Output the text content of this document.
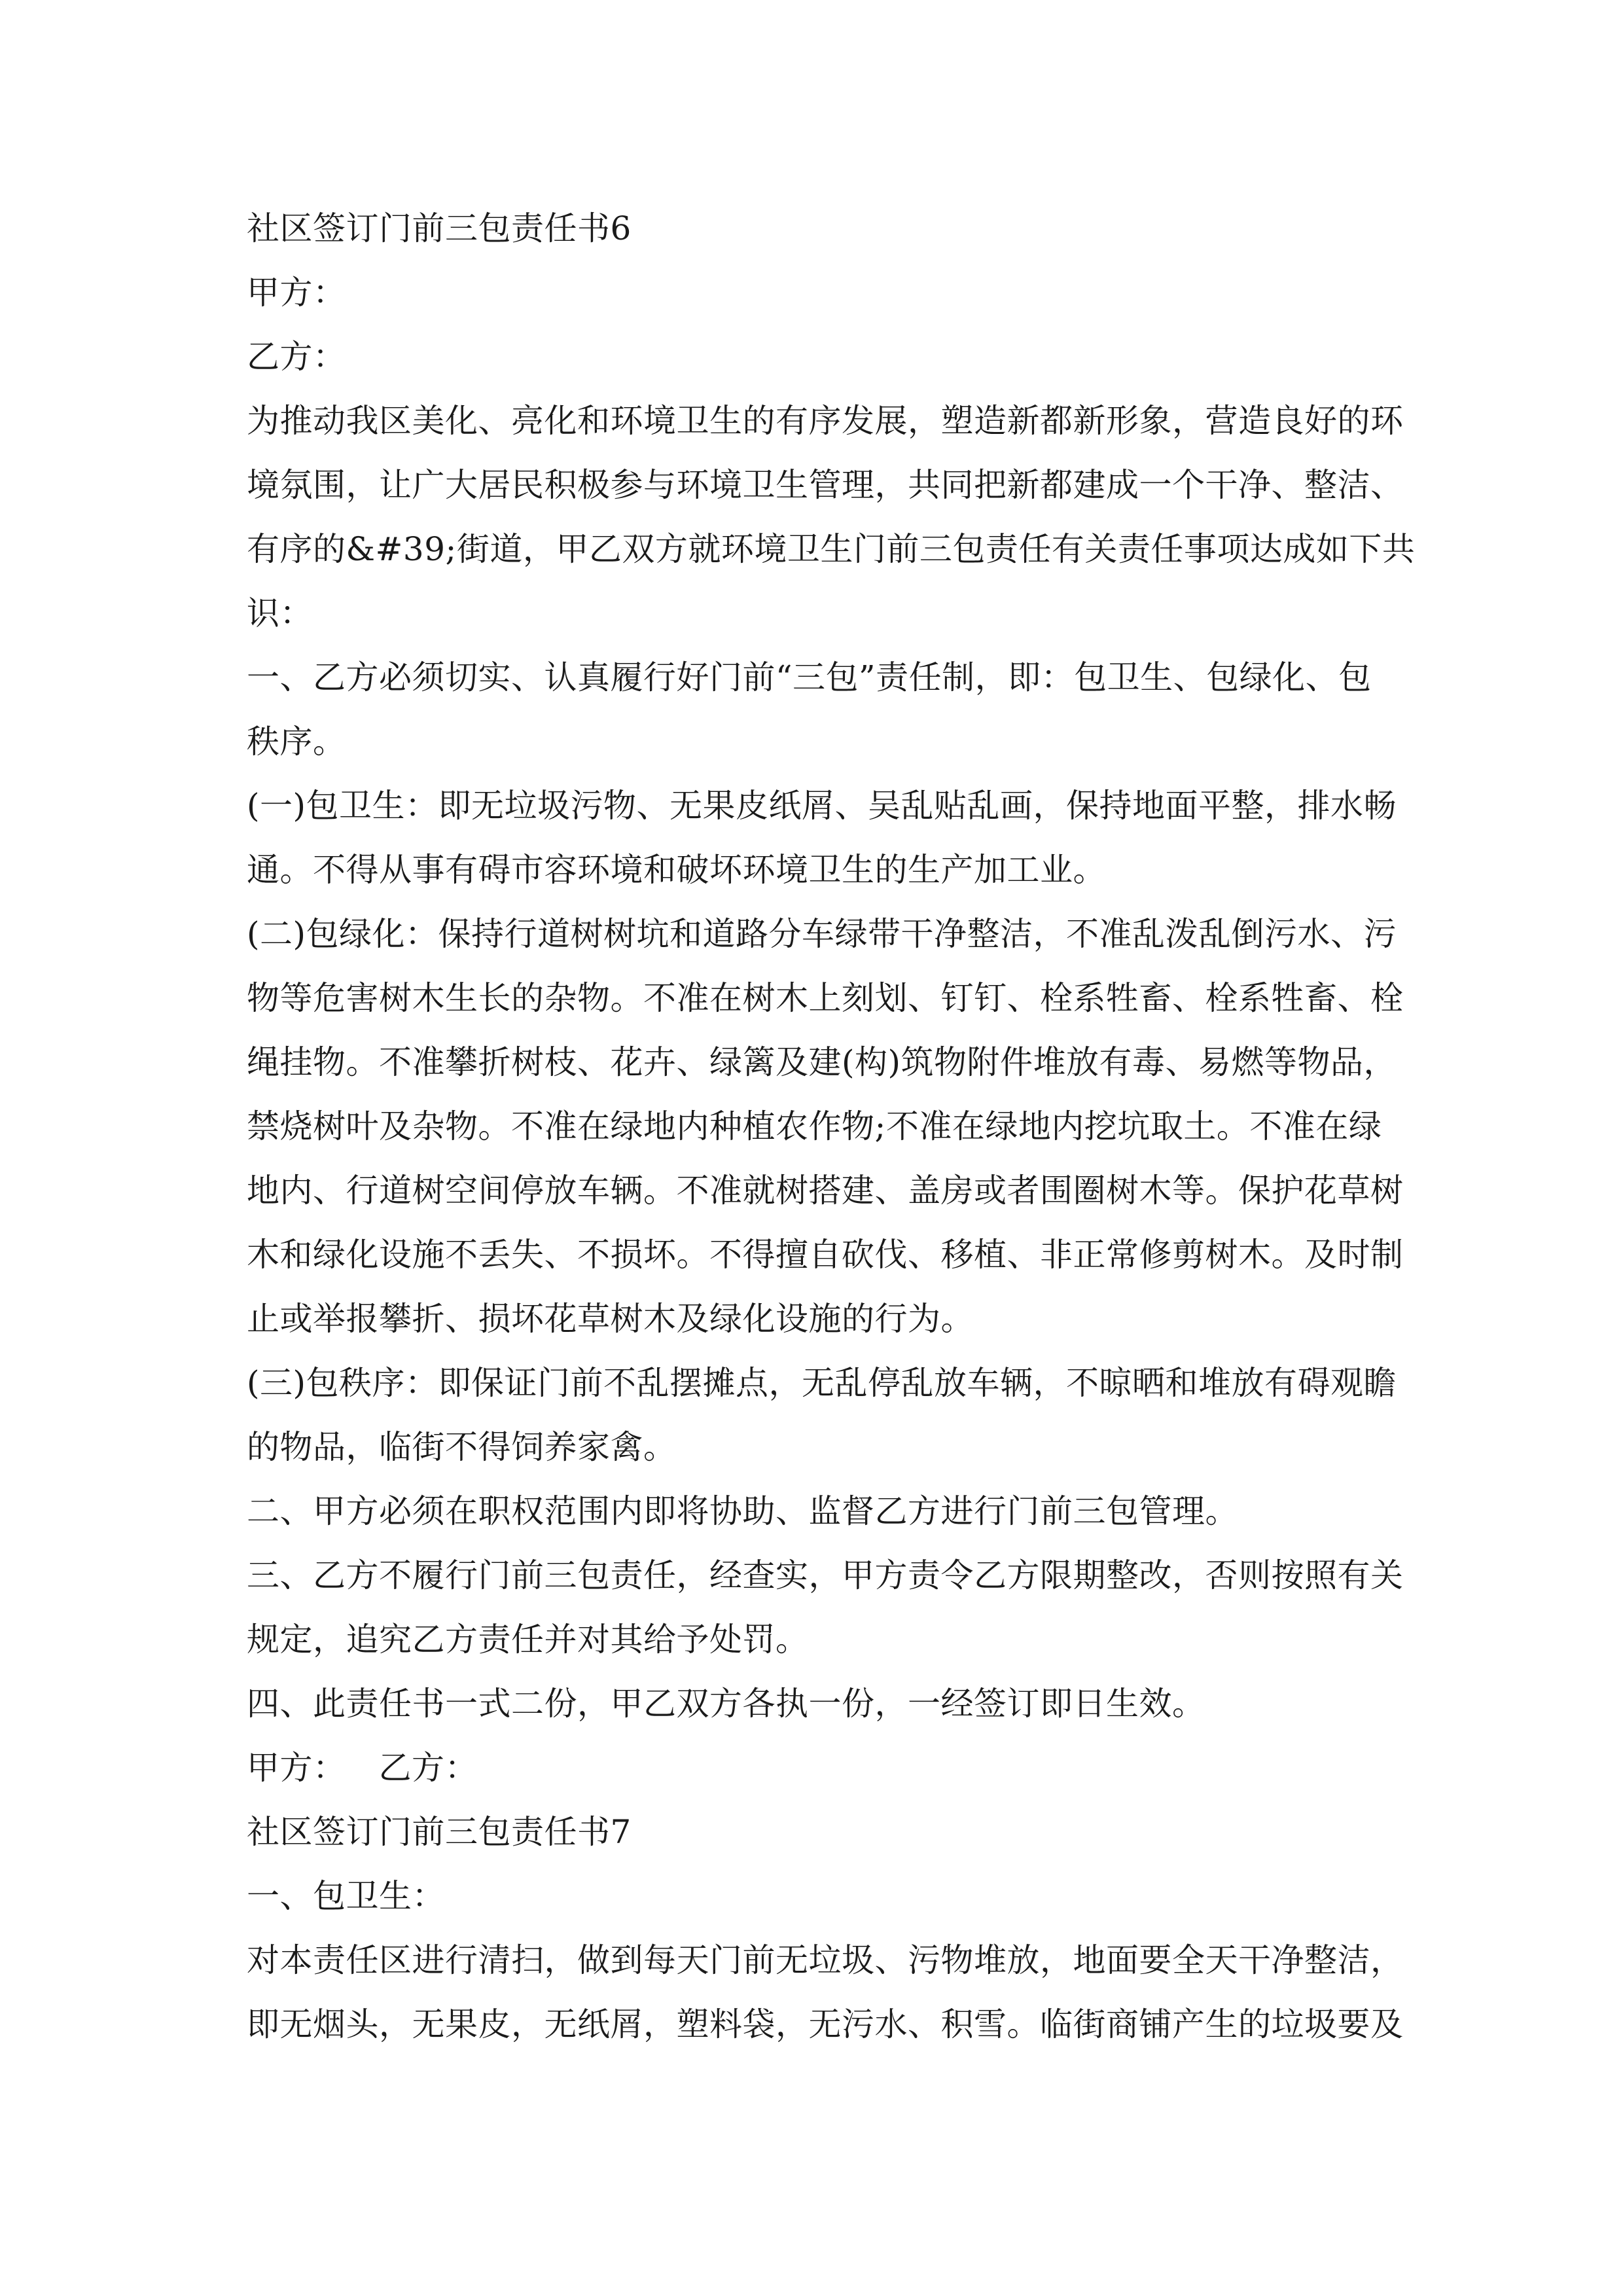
社区签订门前三包责任书6
甲方：
乙方：
为推动我区美化、亮化和环境卫生的有序发展，塑造新都新形象，营造良好的环
境氛围，让广大居民积极参与环境卫生管理，共同把新都建成一个干净、整洁、
有序的&#39;街道，甲乙双方就环境卫生门前三包责任有关责任事项达成如下共
识：
一、乙方必须切实、认真履行好门前“三包”责任制，即：包卫生、包绿化、包
秩序。
(一)包卫生：即无垃圾污物、无果皮纸屑、吴乱贴乱画，保持地面平整，排水畅
通。不得从事有碍市容环境和破坏环境卫生的生产加工业。
(二)包绿化：保持行道树树坑和道路分车绿带干净整洁，不准乱泼乱倒污水、污
物等危害树木生长的杂物。不准在树木上刻划、钉钉、栓系牲畜、栓系牲畜、栓
绳挂物。不准攀折树枝、花卉、绿篱及建(构)筑物附件堆放有毒、易燃等物品，
禁烧树叶及杂物。不准在绿地内种植农作物;不准在绿地内挖坑取土。不准在绿
地内、行道树空间停放车辆。不准就树搭建、盖房或者围圈树木等。保护花草树
木和绿化设施不丢失、不损坏。不得擅自砍伐、移植、非正常修剪树木。及时制
止或举报攀折、损坏花草树木及绿化设施的行为。
(三)包秩序：即保证门前不乱摆摊点，无乱停乱放车辆，不晾晒和堆放有碍观瞻
的物品，临街不得饲养家禽。
二、甲方必须在职权范围内即将协助、监督乙方进行门前三包管理。
三、乙方不履行门前三包责任，经查实，甲方责令乙方限期整改，否则按照有关
规定，追究乙方责任并对其给予处罚。
四、此责任书一式二份，甲乙双方各执一份，一经签订即日生效。
甲方： 乙方：
社区签订门前三包责任书7
一、包卫生：
对本责任区进行清扫，做到每天门前无垃圾、污物堆放，地面要全天干净整洁，
即无烟头，无果皮，无纸屑，塑料袋，无污水、积雪。临街商铺产生的垃圾要及
